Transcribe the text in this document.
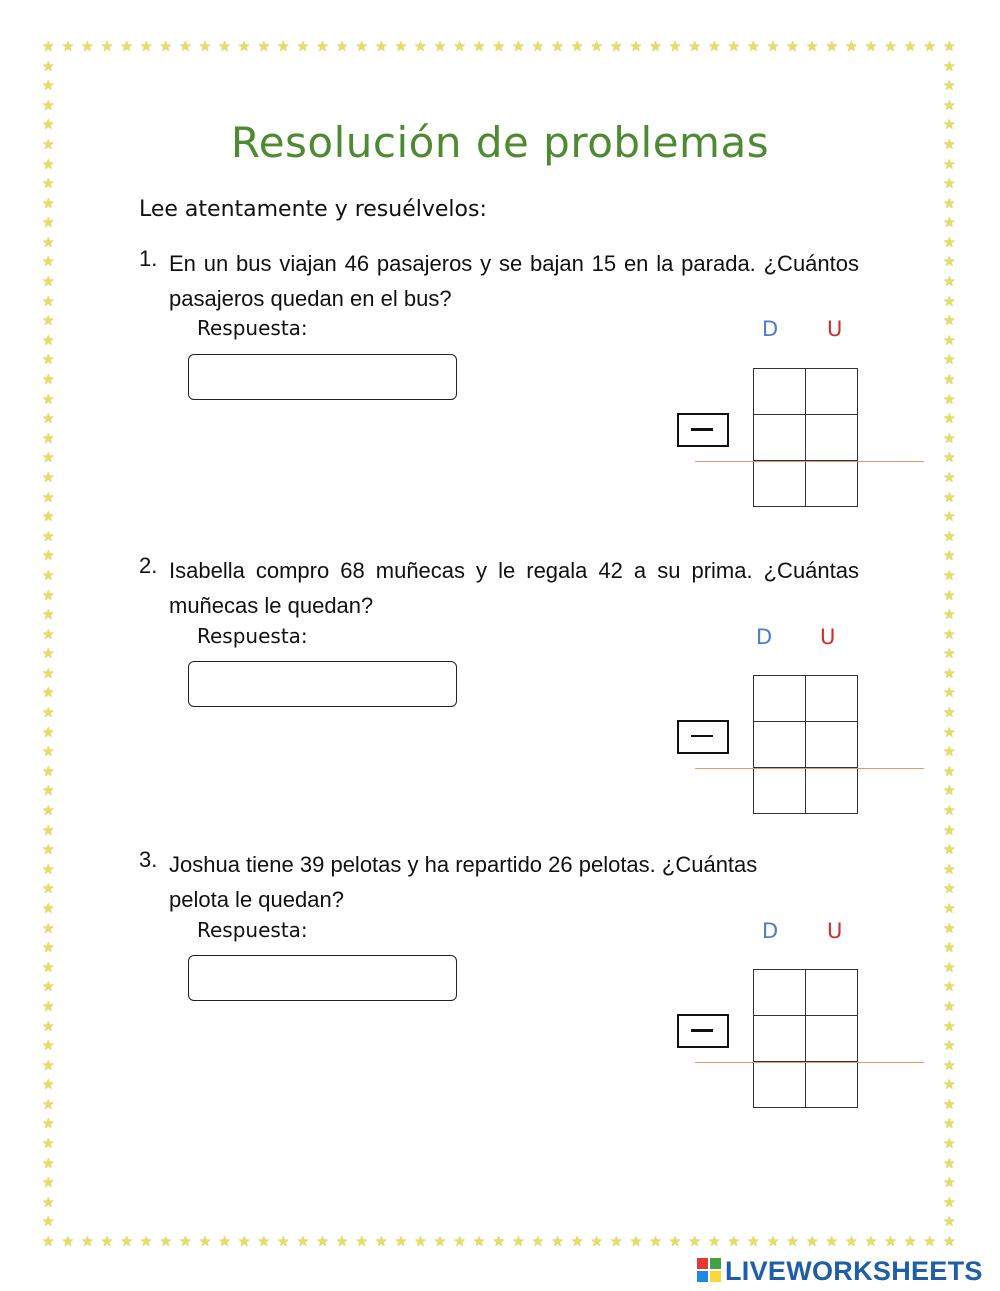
★
★
★
★
★
★
★
★
★
★
★
★
★
★
★
★
★
★
★
★
★
★
★
★
★
★
★
★
★
★
★
★
★
★
★
★
★
★
★
★
★
★
★
★
★
★
★
★
★
★
★
★
★
★
★
★
★
★
★
★
★
★
★
★
★
★
★
★
★
★
★
★
★
★
★
★
★
★
★
★
★
★
★
★
★
★
★
★
★
★
★
★
★
★
★	★
★	★
★	★
★	★
★	★
★	★
★	★
★	★
★	★
★	★
★	★
★	★
★	★
★	★
★	★
★	★
★	★
★	★
★	★
★	★
★	★
★	★
★	★
★	★
★	★
★	★
★	★
★	★
★	★
★	★
★	★
★	★
★	★
★	★
★	★
★	★
★	★
★	★
★	★
★	★
★	★
★	★
★	★
★	★
★	★
★	★
★	★
★	★
★	★
★	★
★	★
★	★
★	★
★	★
★	★
★	★
★	★
★	★
★	★
★	★
Resolución de problemas
Lee atentamente y resuélvelos:
1. En un bus viajan 46 pasajeros y se bajan 15 en la parada. ¿Cuántos pasajeros quedan en el bus?
Respuesta:	D U

2. Isabella compro 68 muñecas y le regala 42 a su prima. ¿Cuántas muñecas le quedan?
Respuesta:	D U

3. Joshua tiene 39 pelotas y ha repartido 26 pelotas. ¿Cuántas pelota le quedan?
Respuesta:	D U

LIVEWORKSHEETS
